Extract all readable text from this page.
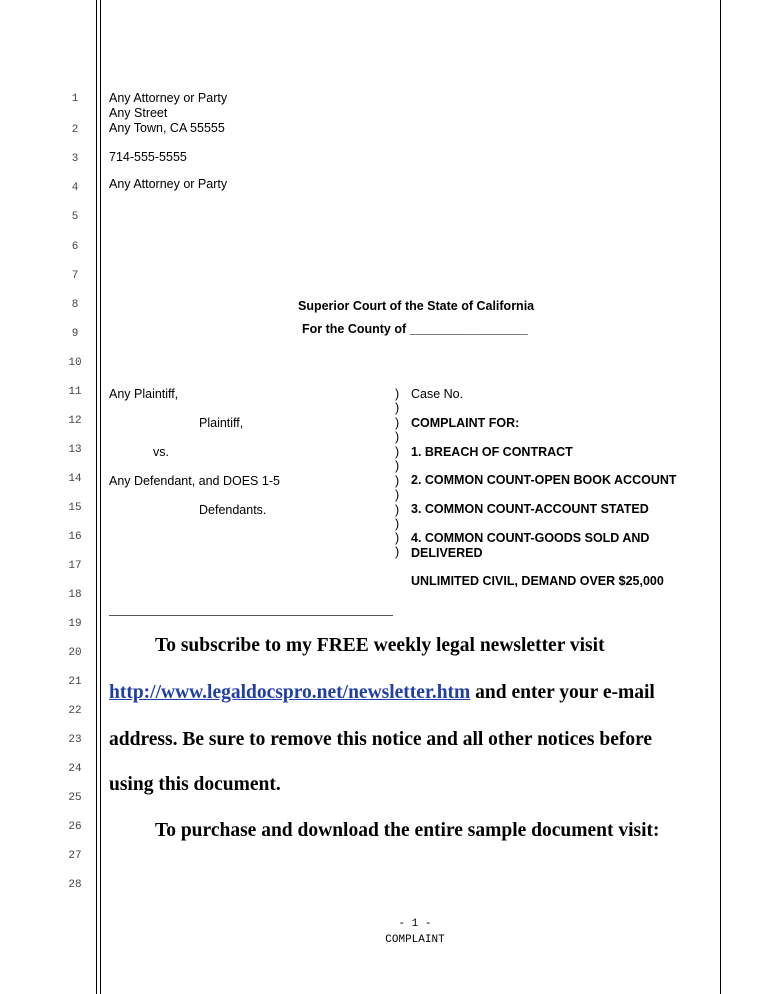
1
2
3
4
5
6
7
8
9
10
11
12
13
14
15
16
17
18
19
20
21
22
23
24
25
26
27
28
Any Attorney or Party
Any Street
Any Town, CA 55555
714-555-5555
Any Attorney or Party
Superior Court of the State of California
For the County of _________________
Any Plaintiff,
Plaintiff,
vs.
Any Defendant, and DOES 1-5
Defendants.
)
)
)
)
)
)
)
)
)
)
)
)
Case No.
COMPLAINT FOR:
1. BREACH OF CONTRACT
2. COMMON COUNT-OPEN BOOK ACCOUNT
3. COMMON COUNT-ACCOUNT STATED
4. COMMON COUNT-GOODS SOLD AND
DELIVERED
UNLIMITED CIVIL, DEMAND OVER $25,000
To subscribe to my FREE weekly legal newsletter visit
http://www.legaldocspro.net/newsletter.htm and enter your e-mail
address. Be sure to remove this notice and all other notices before
using this document.
To purchase and download the entire sample document visit:
- 1 -
COMPLAINT
